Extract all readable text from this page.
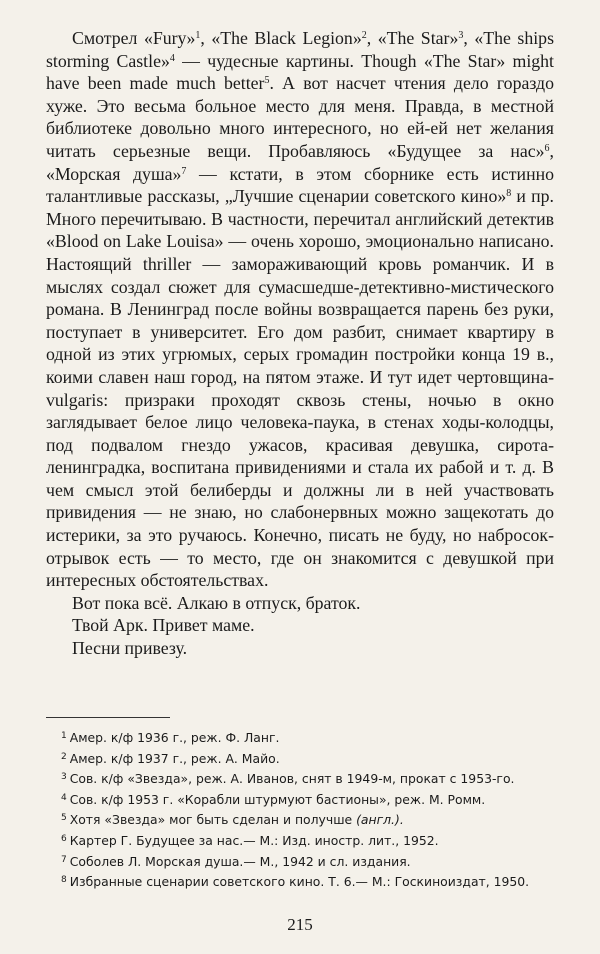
Смотрел «Fury»$^1$, «The Black Legion»$^2$, «The Star»$^3$, «The ships storming Castle»$^4$ — чудесные картины. Though «The Star» might have been made much better$^5$. А вот насчет чтения дело гораздо хуже. Это весьма больное место для меня. Правда, в местной библиотеке довольно много интересного, но ей-ей нет желания читать серьезные вещи. Пробавляюсь «Будущее за нас»$^6$, «Морская душа»$^7$ — кстати, в этом сборнике есть истинно талантливые рассказы, „Лучшие сценарии советского кино»$^8$ и пр. Много перечитываю. В частности, перечитал английский детектив «Blood on Lake Louisa» — очень хорошо, эмоционально написано. Настоящий thriller — замораживающий кровь романчик. И в мыслях создал сюжет для сумасшедше-детективно-мистического романа. В Ленинград после войны возвращается парень без руки, поступает в университет. Его дом разбит, снимает квартиру в одной из этих угрюмых, серых громадин постройки конца 19 в., коими славен наш город, на пятом этаже. И тут идет чертовщина-vulgaris: призраки проходят сквозь стены, ночью в окно заглядывает белое лицо человека-паука, в стенах ходы-колодцы, под подвалом гнездо ужасов, красивая девушка, сирота-ленинградка, воспитана привидениями и стала их рабой и т. д. В чем смысл этой белиберды и должны ли в ней участвовать привидения — не знаю, но слабонервных можно защекотать до истерики, за это ручаюсь. Конечно, писать не буду, но набросок-отрывок есть — то место, где он знакомится с девушкой при интересных обстоятельствах.

Вот пока всё. Алкаю в отпуск, браток.

Твой Арк. Привет маме.

Песни привезу.

$^1$ Амер. к/ф 1936 г., реж. Ф. Ланг.

$^2$ Амер. к/ф 1937 г., реж. А. Майо.

$^3$ Сов. к/ф «Звезда», реж. А. Иванов, снят в 1949-м, прокат с 1953-го.

$^4$ Сов. к/ф 1953 г. «Корабли штурмуют бастионы», реж. М. Ромм.

$^5$ Хотя «Звезда» мог быть сделан и получше (англ.).

$^6$ Картер Г. Будущее за нас.— М.: Изд. иностр. лит., 1952.

$^7$ Соболев Л. Морская душа.— М., 1942 и сл. издания.

$^8$ Избранные сценарии советского кино. Т. 6.— М.: Госкиноиздат, 1950.

215
